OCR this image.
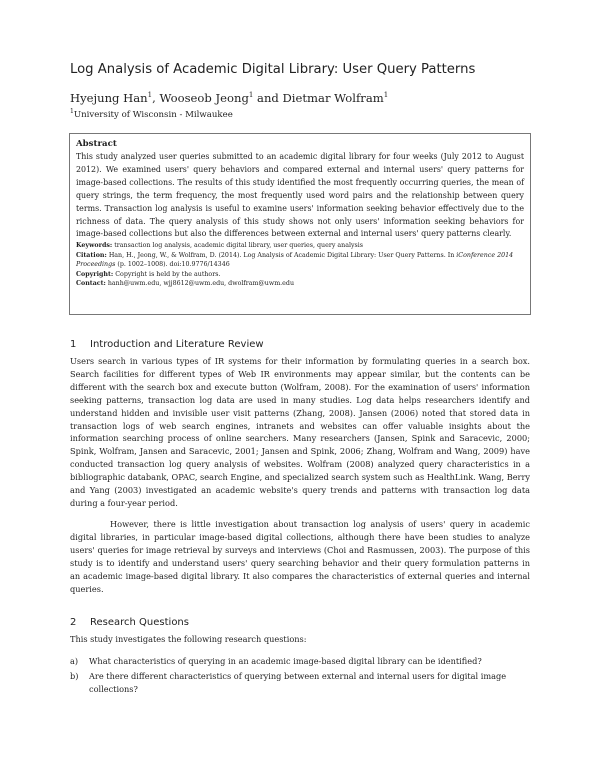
Log Analysis of Academic Digital Library: User Query Patterns
Hyejung Han$^1$, Wooseob Jeong$^1$ and Dietmar Wolfram$^1$
$^1$University of Wisconsin - Milwaukee
Abstract

This study analyzed user queries submitted to an academic digital library for four weeks (July 2012 to August 2012). We examined users' query behaviors and compared external and internal users' query patterns for image-based collections. The results of this study identified the most frequently occurring queries, the mean of query strings, the term frequency, the most frequently used word pairs and the relationship between query terms. Transaction log analysis is useful to examine users' information seeking behavior effectively due to the richness of data. The query analysis of this study shows not only users' information seeking behaviors for image-based collections but also the differences between external and internal users' query patterns clearly.

Keywords: transaction log analysis, academic digital library, user queries, query analysis

Citation: Han, H., Jeong, W., & Wolfram, D. (2014). Log Analysis of Academic Digital Library: User Query Patterns. In iConference 2014 Proceedings (p. 1002–1008). doi:10.9776/14346

Copyright: Copyright is held by the authors.

Contact: hanh@uwm.edu, wjj8612@uwm.edu, dwolfram@uwm.edu

1 Introduction and Literature Review

Users search in various types of IR systems for their information by formulating queries in a search box. Search facilities for different types of Web IR environments may appear similar, but the contents can be different with the search box and execute button (Wolfram, 2008). For the examination of users' information seeking patterns, transaction log data are used in many studies. Log data helps researchers identify and understand hidden and invisible user visit patterns (Zhang, 2008). Jansen (2006) noted that stored data in transaction logs of web search engines, intranets and websites can offer valuable insights about the information searching process of online searchers. Many researchers (Jansen, Spink and Saracevic, 2000; Spink, Wolfram, Jansen and Saracevic, 2001; Jansen and Spink, 2006; Zhang, Wolfram and Wang, 2009) have conducted transaction log query analysis of websites. Wolfram (2008) analyzed query characteristics in a bibliographic databank, OPAC, search Engine, and specialized search system such as HealthLink. Wang, Berry and Yang (2003) investigated an academic website's query trends and patterns with transaction log data during a four-year period.

However, there is little investigation about transaction log analysis of users' query in academic digital libraries, in particular image-based digital collections, although there have been studies to analyze users' queries for image retrieval by surveys and interviews (Choi and Rasmussen, 2003). The purpose of this study is to identify and understand users' query searching behavior and their query formulation patterns in an academic image-based digital library. It also compares the characteristics of external queries and internal queries.

2 Research Questions

This study investigates the following research questions:

a) What characteristics of querying in an academic image-based digital library can be identified?
b) Are there different characteristics of querying between external and internal users for digital image collections?
